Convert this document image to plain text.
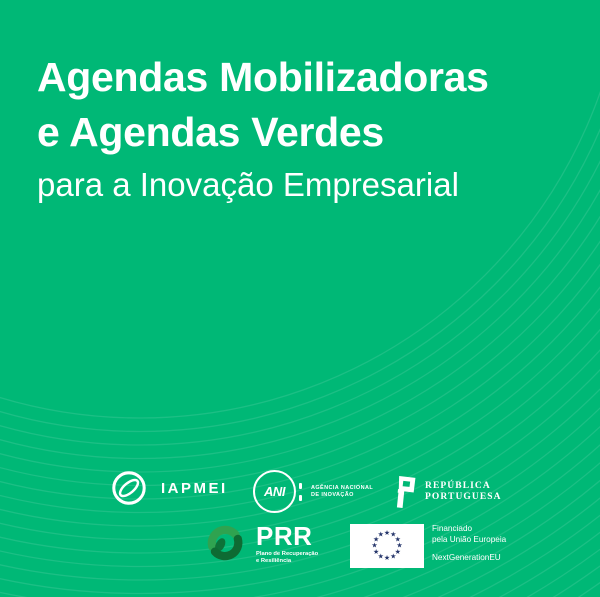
Agendas Mobilizadoras
e Agendas Verdes
para a Inovação Empresarial
IAPMEI	ANI	AGÊNCIA NACIONAL
DE INOVAÇÃO
REPÚBLICA
PORTUGUESA
PRR
Plano de Recuperação
e Resiliência
★ ★
★
★
★
★
★
★
★
★
★
★
Financiado
pela União Europeia
NextGenerationEU
